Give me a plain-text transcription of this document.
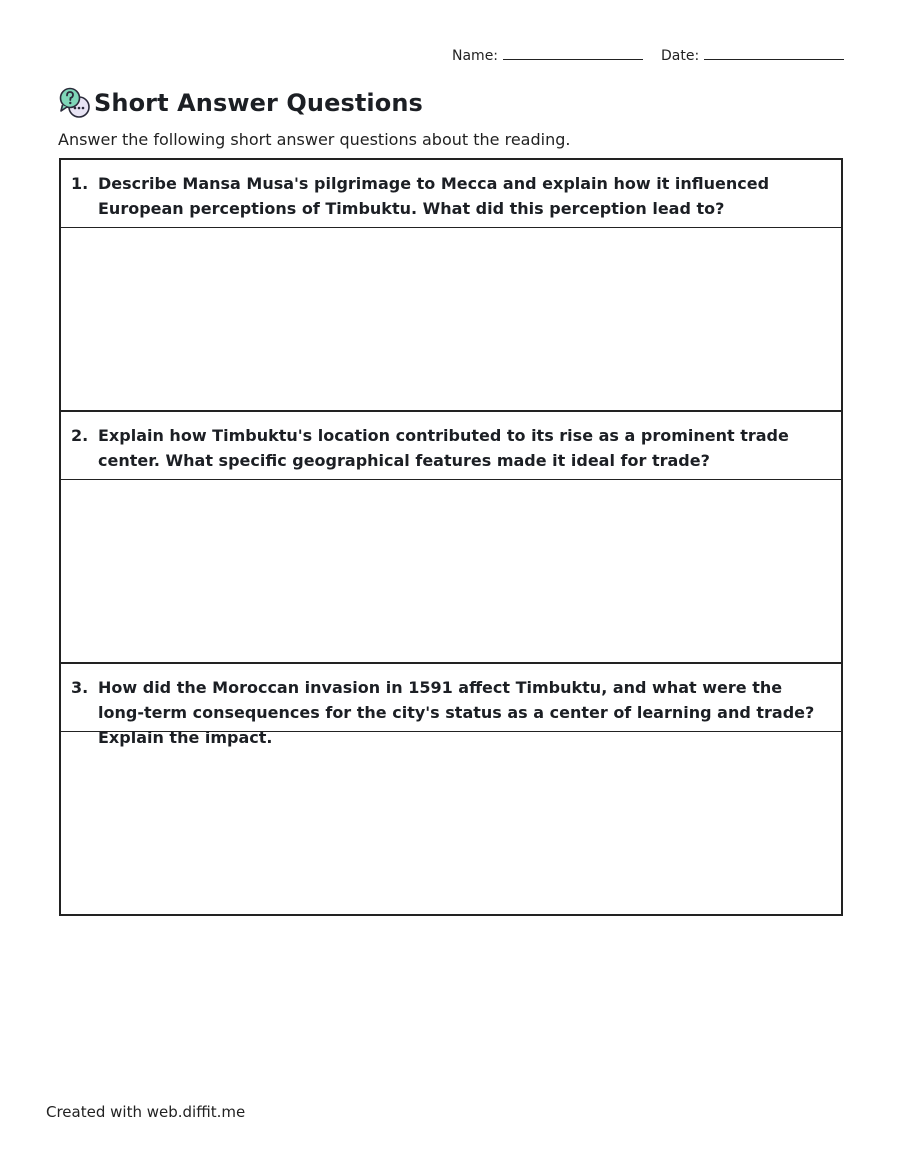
Name:	Date:
Short Answer Questions
Answer the following short answer questions about the reading.
1. Describe Mansa Musa's pilgrimage to Mecca and explain how it influenced European perceptions of Timbuktu. What did this perception lead to?
2. Explain how Timbuktu's location contributed to its rise as a prominent trade center. What specific geographical features made it ideal for trade?
3. How did the Moroccan invasion in 1591 affect Timbuktu, and what were the long-term consequences for the city's status as a center of learning and trade? Explain the impact.
Created with web.diffit.me
